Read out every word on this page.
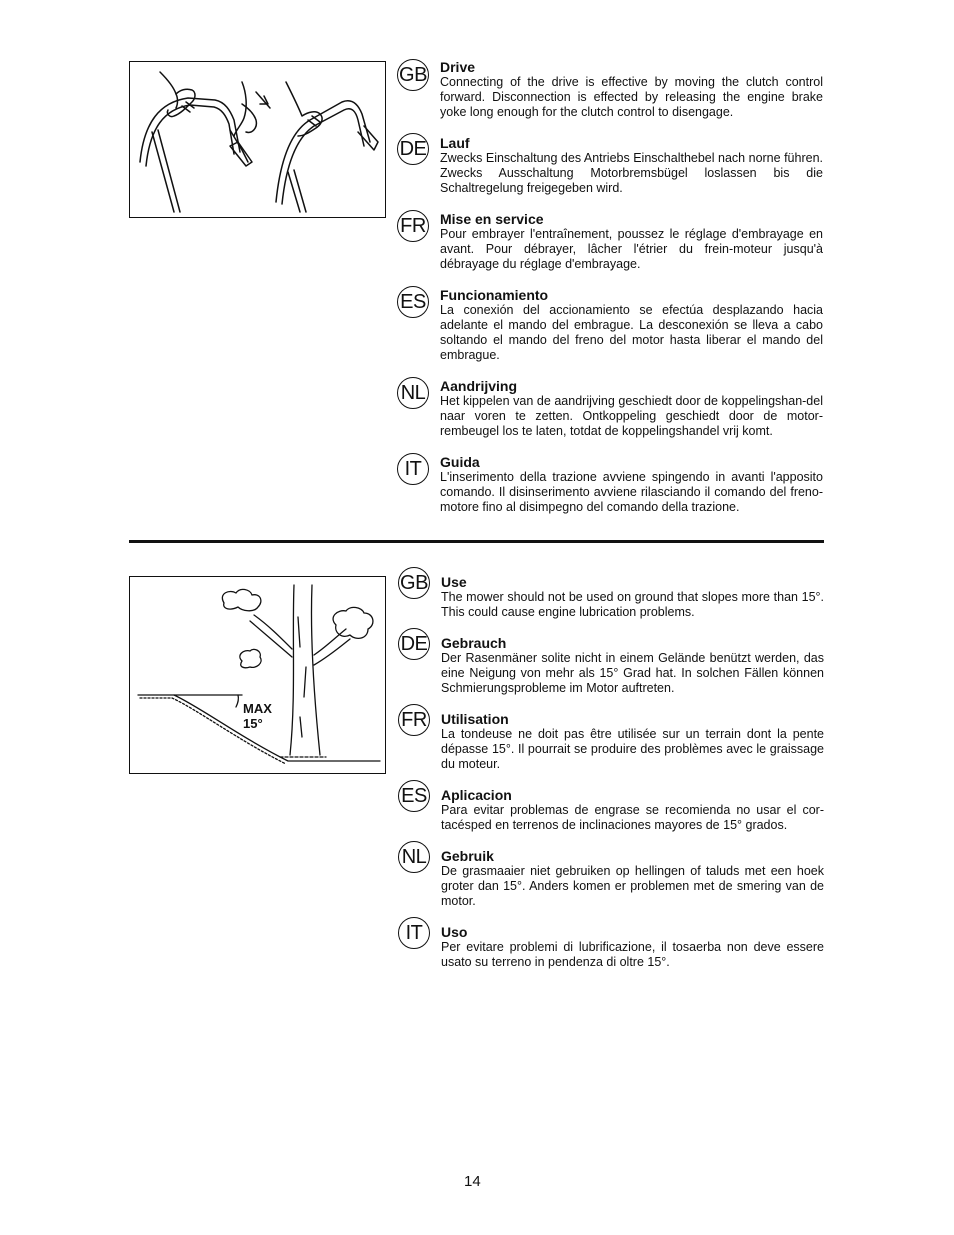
GB
DE
FR
ES
NL
IT
Drive

Connecting of the drive is effective by moving the clutch control forward. Disconnection is effected by releasing the engine brake yoke long enough for the clutch control to disengage.

Lauf

Zwecks Einschaltung des Antriebs Einschalthebel nach norne führen. Zwecks Ausschaltung Motorbremsbügel loslassen bis die Schaltregelung freigegeben wird.

Mise en service

Pour embrayer l'entraînement, poussez le réglage d'embrayage en avant. Pour débrayer, lâcher l'étrier du frein-moteur jusqu'à débrayage du réglage d'embrayage.

Funcionamiento

La conexión del accionamiento se efectúa desplazando hacia adelante el mando del embrague. La desconexión se lleva a cabo soltando el mando del freno del motor hasta liberar el mando del embrague.

Aandrijving

Het kippelen van de aandrijving geschiedt door de koppelingshan-del naar voren te zetten. Ontkoppeling geschiedt door de motor-rembeugel los te laten, totdat de koppelingshandel vrij komt.

Guida

L'inserimento della trazione avviene spingendo in avanti l'apposito comando. Il disinserimento avviene rilasciando il comando del freno-motore fino al disimpegno del comando della trazione.

MAX
15°
GB
DE
FR
ES
NL
IT
Use

The mower should not be used on ground that slopes more than 15°. This could cause engine lubrication problems.

Gebrauch

Der Rasenmäner solite nicht in einem Gelände benützt werden, das eine Neigung von mehr als 15° Grad hat. In solchen Fällen können Schmierungsprobleme im Motor auftreten.

Utilisation

La tondeuse ne doit pas être utilisée sur un terrain dont la pente dépasse 15°. Il pourrait se produire des problèmes avec le graissage du moteur.

Aplicacion

Para evitar problemas de engrase se recomienda no usar el cor-tacésped en terrenos de inclinaciones mayores de 15° grados.

Gebruik

De grasmaaier niet gebruiken op hellingen of taluds met een hoek groter dan 15°. Anders komen er problemen met de smering van de motor.

Uso

Per evitare problemi di lubrificazione, il tosaerba non deve essere usato su terreno in pendenza di oltre 15°.

14
